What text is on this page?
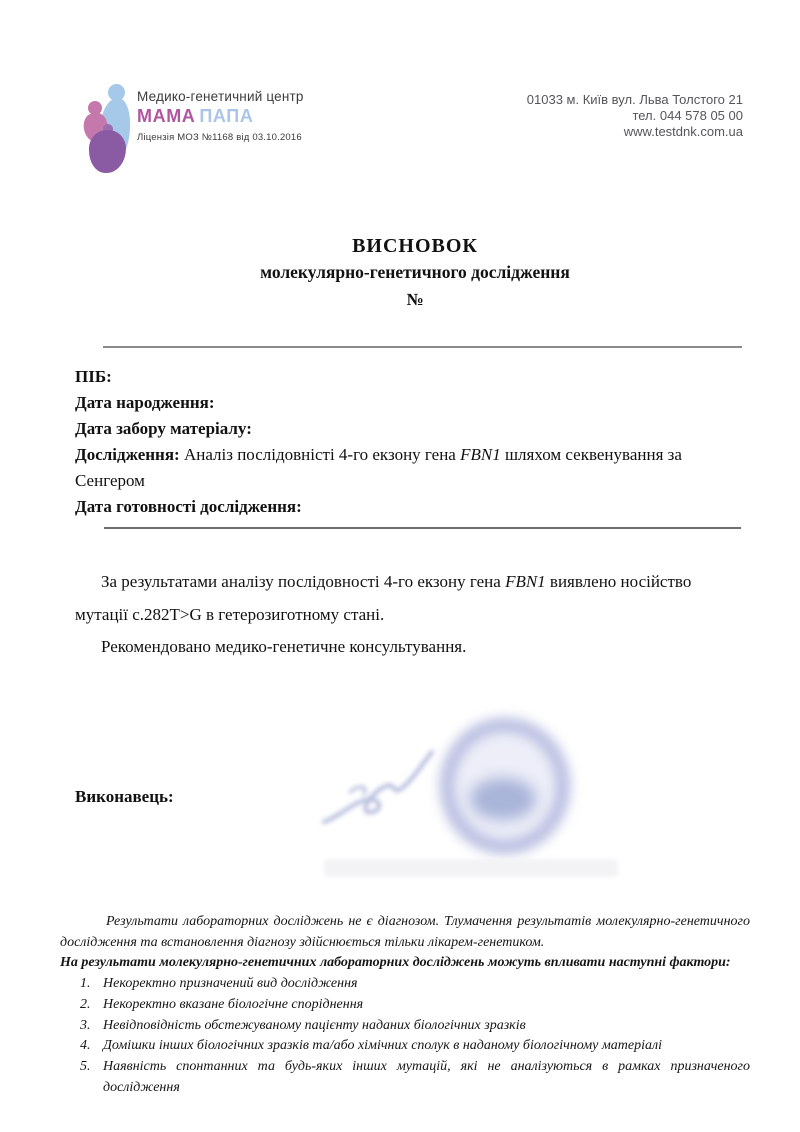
Медико-генетичний центр
МАМА ПАПА
Ліцензія МОЗ №1168 від 03.10.2016
01033 м. Київ вул. Льва Толстого 21
тел. 044 578 05 00
www.testdnk.com.ua
ВИСНОВОК
молекулярно-генетичного дослідження
№
ПІБ:
Дата народження:
Дата забору матеріалу:
Дослідження: Аналіз послідовністі 4-го екзону гена FBN1 шляхом секвенування за Сенгером
Дата готовності дослідження:

За результатами аналізу послідовності 4-го екзону гена FBN1 виявлено носійство мутації c.282T>G в гетерозиготному стані.

Рекомендовано медико-генетичне консультування.

Виконавець:

Результати лабораторних досліджень не є діагнозом. Тлумачення результатів молекулярно-генетичного дослідження та встановлення діагнозу здійснюється тільки лікарем-генетиком.

На результати молекулярно-генетичних лабораторних досліджень можуть впливати наступні фактори:

1. Некоректно призначений вид дослідження
2. Некоректно вказане біологічне споріднення
3. Невідповідність обстежуваному пацієнту наданих біологічних зразків
4. Домішки інших біологічних зразків та/або хімічних сполук в наданому біологічному матеріалі
5. Наявність спонтанних та будь-яких інших мутацій, які не аналізуються в рамках призначеного дослідження
